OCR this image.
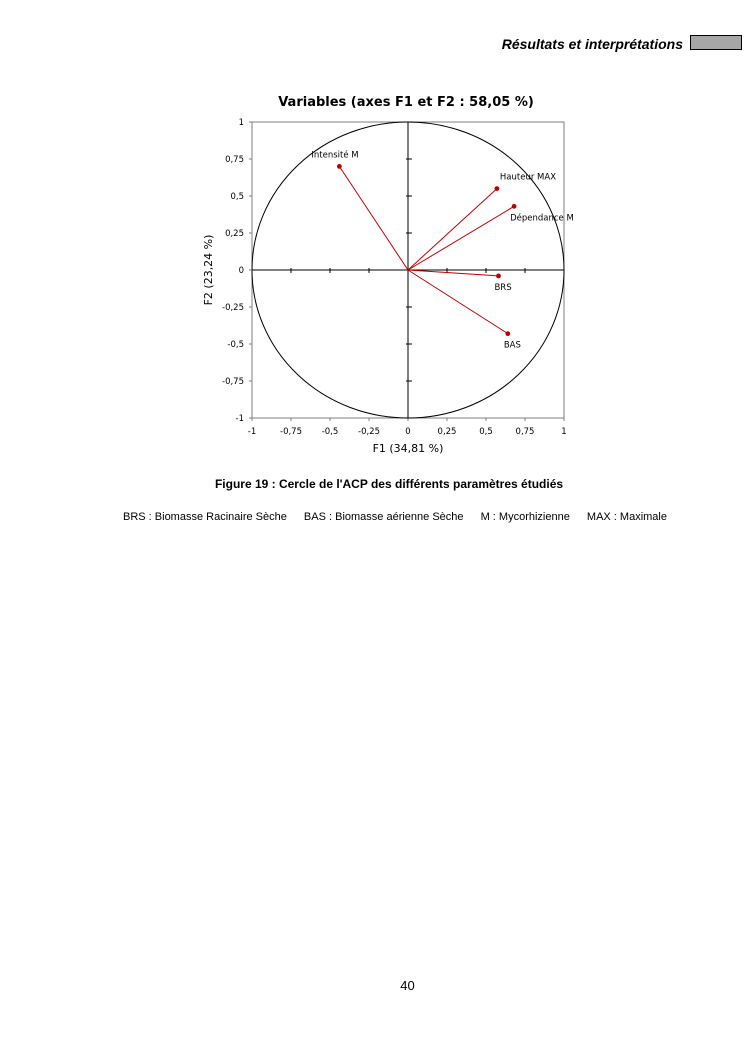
Résultats et interprétations
Variables (axes F1 et F2 : 58,05 %)
-1	-0,75 -0,5 -0,25	0	0,25	0,5	0,75	1
1
0,75
0,5
0,25
0
-0,25
-0,5
-0,75
-1
F1 (34,81 %)
F2 (23,24 %)
Intensité M
Hauteur MAX
Dépendance M
BRS
BAS
Figure 19 : Cercle de l'ACP des différents paramètres étudiés
BRS : Biomasse Racinaire Sèche BAS : Biomasse aérienne Sèche M : Mycorhizienne MAX : Maximale
40
